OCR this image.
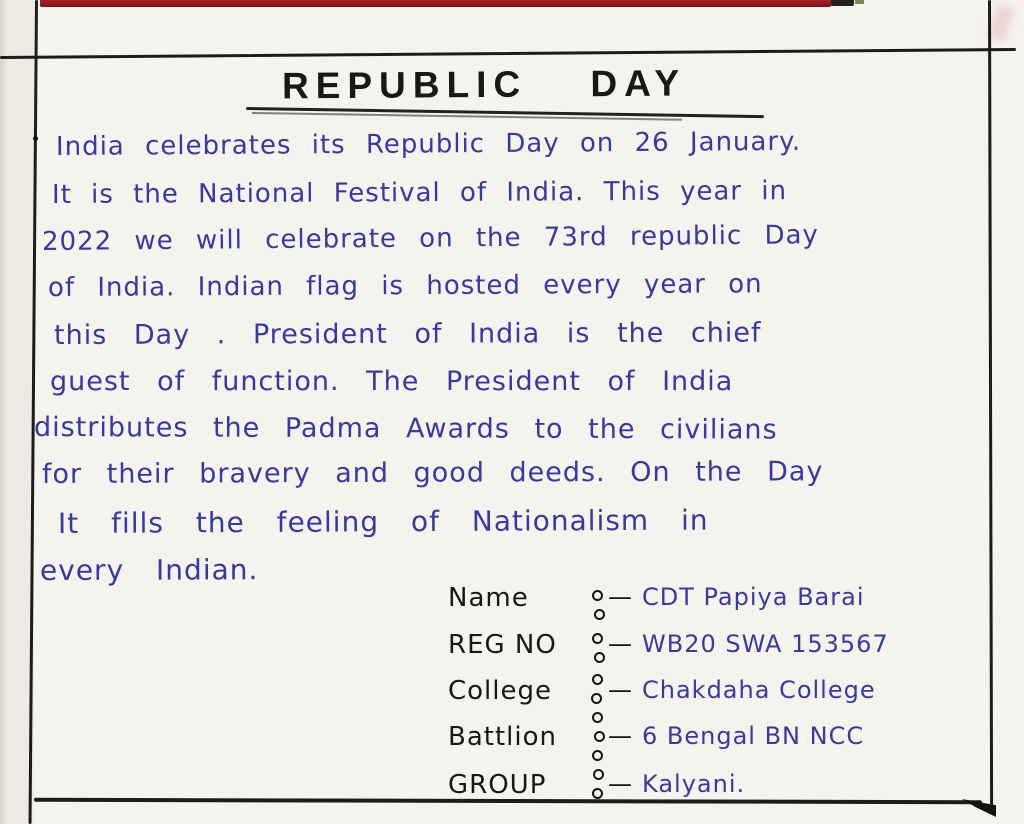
REPUBLIC DAY
India celebrates its Republic Day on 26 January.
It is the National Festival of India. This year in
2022 we will celebrate on the 73rd republic Day
of India. Indian flag is hosted every year on
this Day . President of India is the chief
guest of function. The President of India
distributes the Padma Awards to the civilians
for their bravery and good deeds. On the Day
It fills the feeling of Nationalism in
every Indian.
Name	— CDT Papiya Barai
REG NO	— WB20 SWA 153567
College	— Chakdaha College
Battlion	— 6 Bengal BN NCC
GROUP	— Kalyani.
